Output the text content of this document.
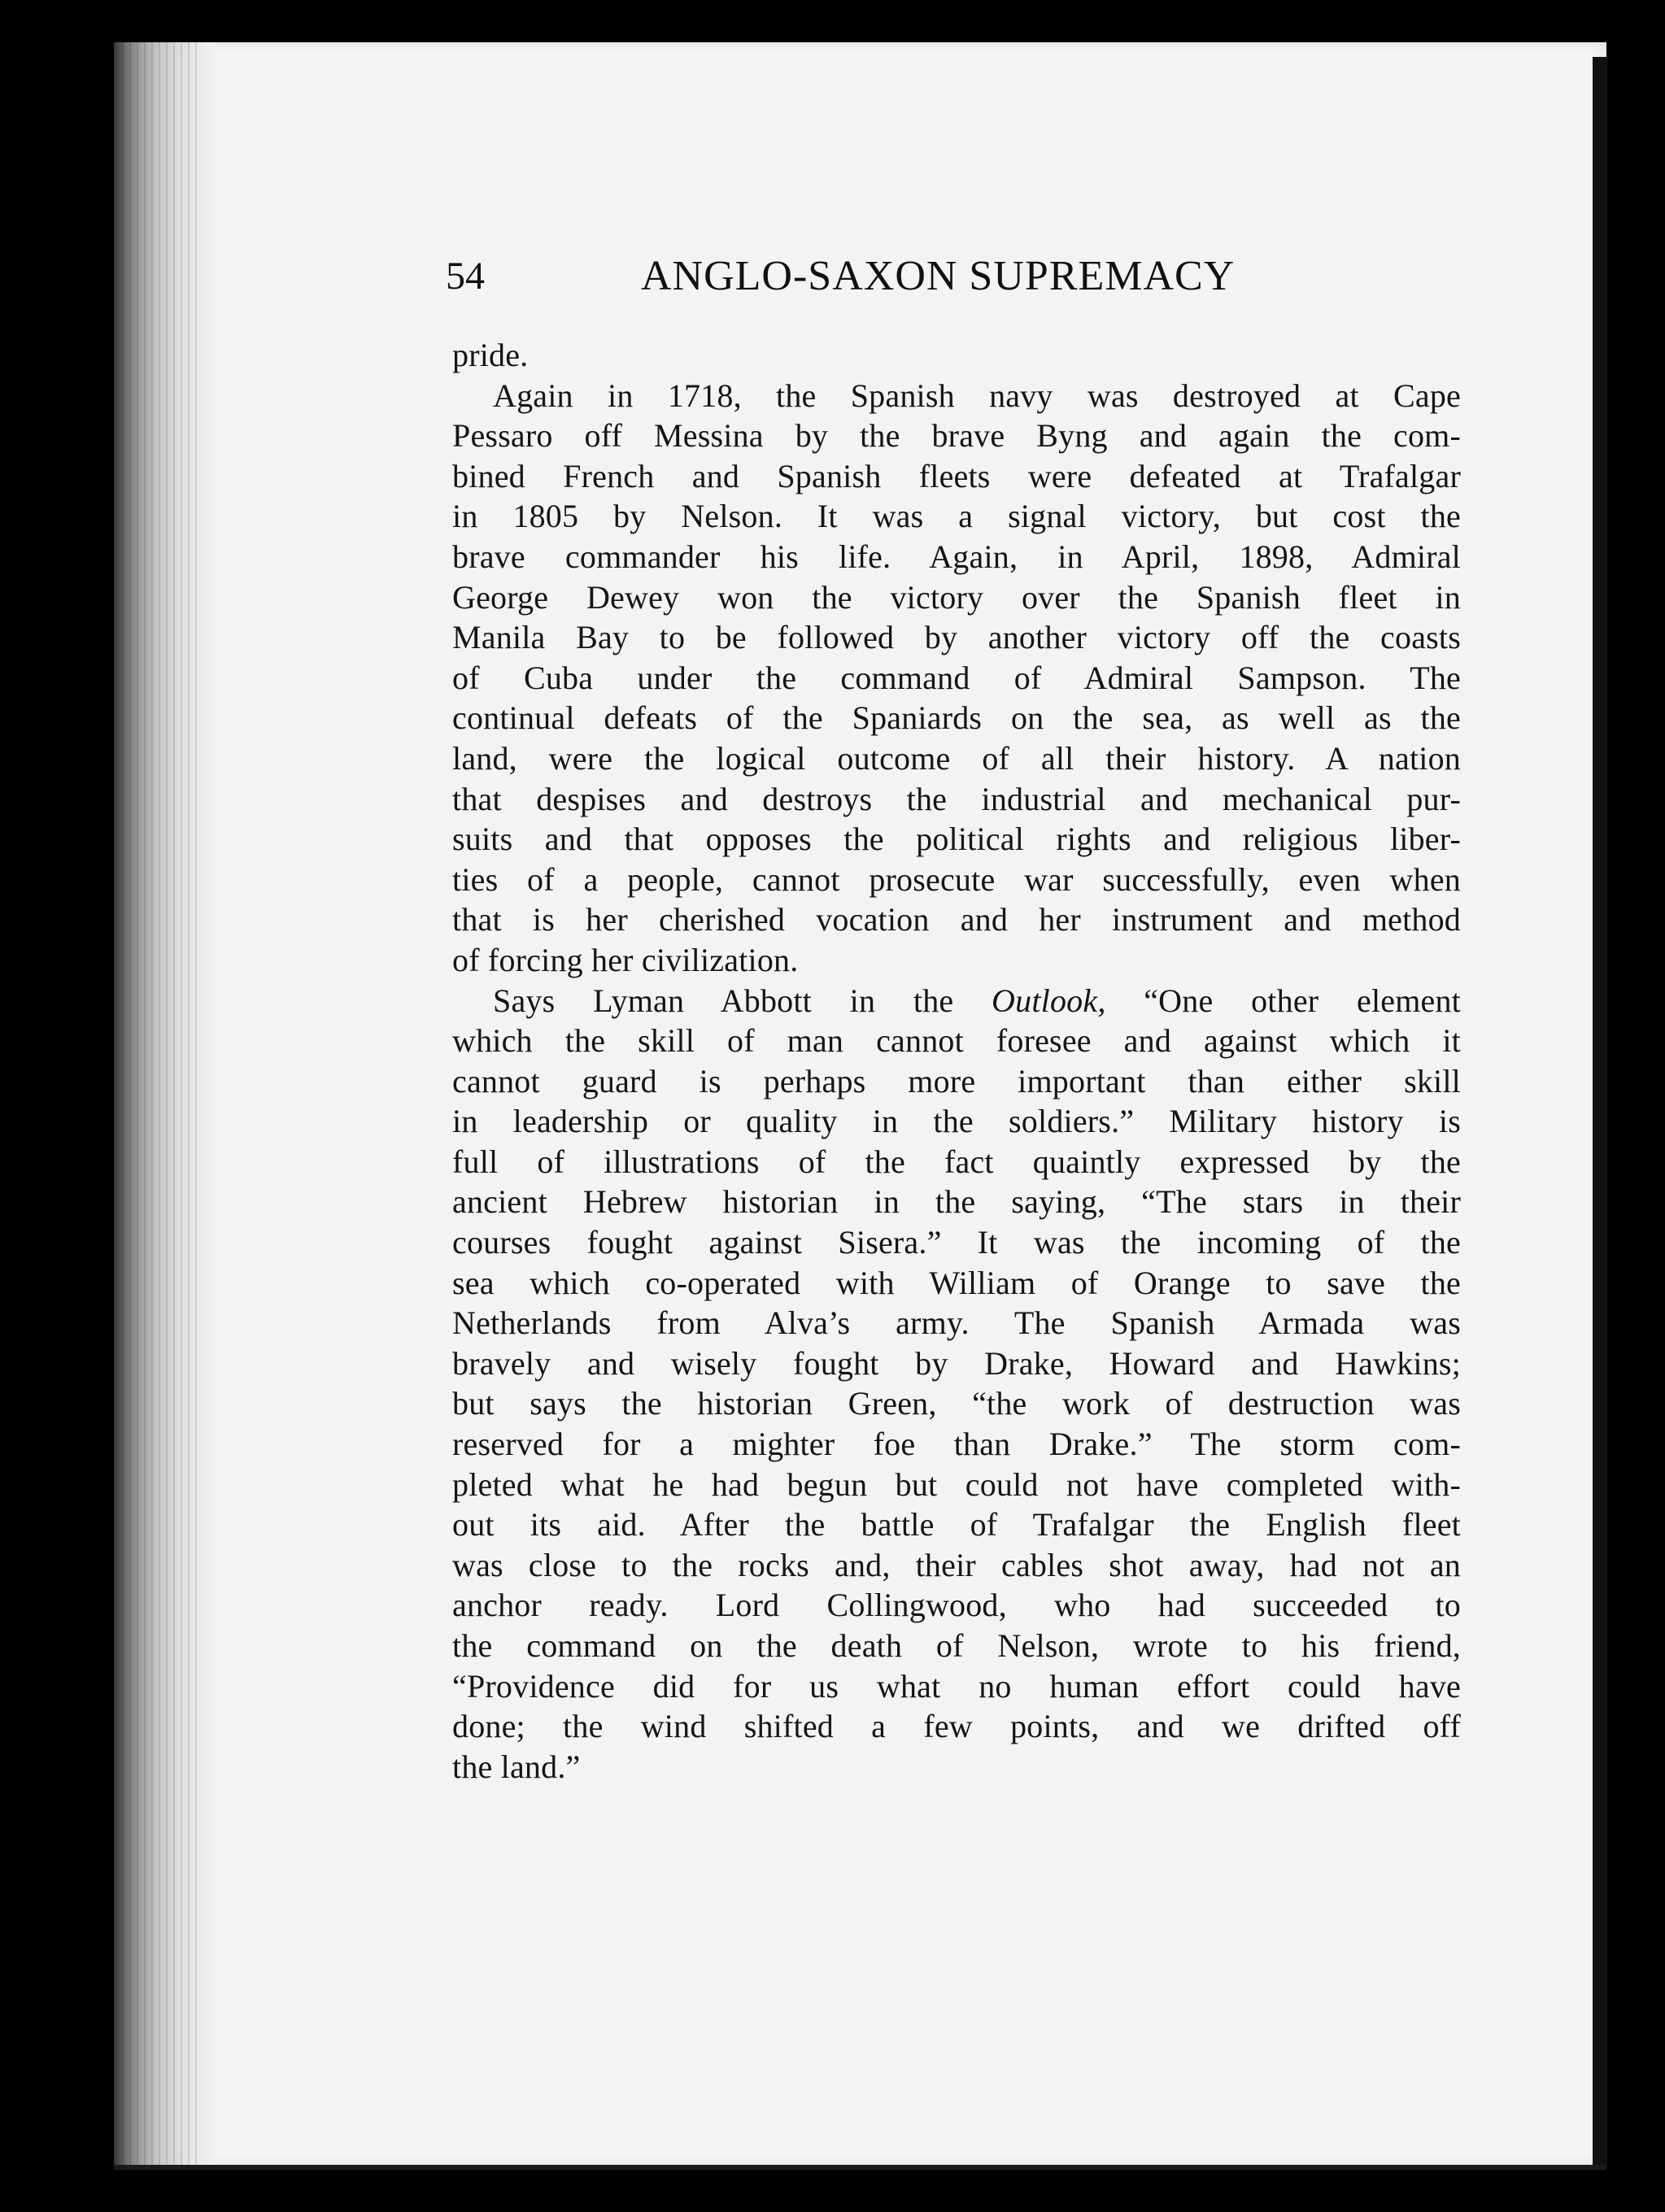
54	ANGLO-SAXON SUPREMACY
pride.
Again in 1718, the Spanish navy was destroyed at Cape
Pessaro off Messina by the brave Byng and again the com-
bined French and Spanish fleets were defeated at Trafalgar
in 1805 by Nelson. It was a signal victory, but cost the
brave commander his life. Again, in April, 1898, Admiral
George Dewey won the victory over the Spanish fleet in
Manila Bay to be followed by another victory off the coasts
of Cuba under the command of Admiral Sampson. The
continual defeats of the Spaniards on the sea, as well as the
land, were the logical outcome of all their history. A nation
that despises and destroys the industrial and mechanical pur-
suits and that opposes the political rights and religious liber-
ties of a people, cannot prosecute war successfully, even when
that is her cherished vocation and her instrument and method
of forcing her civilization.
Says Lyman Abbott in the Outlook, “One other element
which the skill of man cannot foresee and against which it
cannot guard is perhaps more important than either skill
in leadership or quality in the soldiers.” Military history is
full of illustrations of the fact quaintly expressed by the
ancient Hebrew historian in the saying, “The stars in their
courses fought against Sisera.” It was the incoming of the
sea which co-operated with William of Orange to save the
Netherlands from Alva’s army. The Spanish Armada was
bravely and wisely fought by Drake, Howard and Hawkins;
but says the historian Green, “the work of destruction was
reserved for a mighter foe than Drake.” The storm com-
pleted what he had begun but could not have completed with-
out its aid. After the battle of Trafalgar the English fleet
was close to the rocks and, their cables shot away, had not an
anchor ready. Lord Collingwood, who had succeeded to
the command on the death of Nelson, wrote to his friend,
“Providence did for us what no human effort could have
done; the wind shifted a few points, and we drifted off
the land.”
